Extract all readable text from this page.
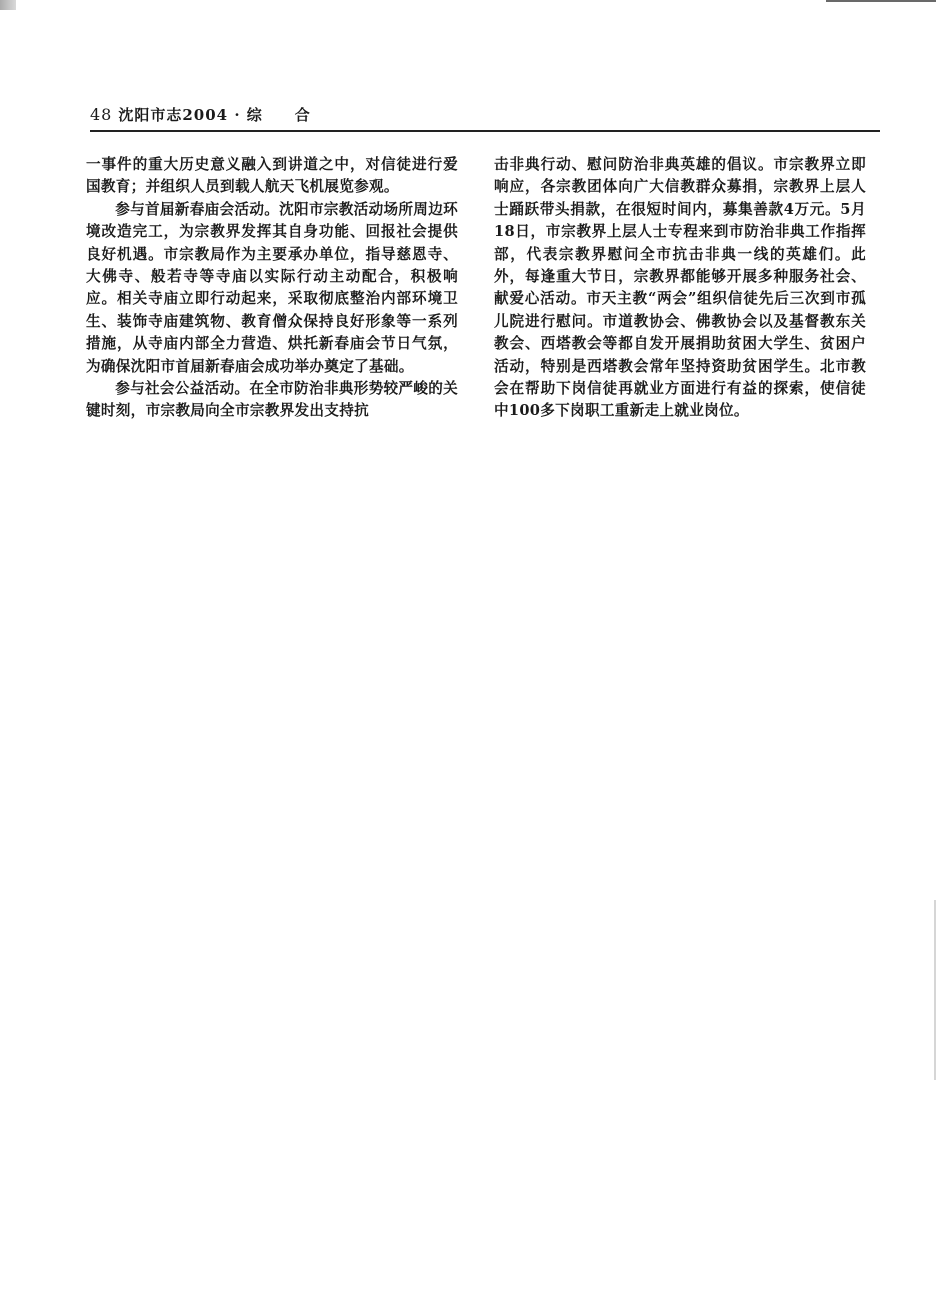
48 沈阳市志2004 · 综　　合

一事件的重大历史意义融入到讲道之中，对信徒进行爱国教育；并组织人员到载人航天飞机展览参观。

参与首届新春庙会活动。沈阳市宗教活动场所周边环境改造完工，为宗教界发挥其自身功能、回报社会提供良好机遇。市宗教局作为主要承办单位，指导慈恩寺、大佛寺、般若寺等寺庙以实际行动主动配合，积极响应。相关寺庙立即行动起来，采取彻底整治内部环境卫生、装饰寺庙建筑物、教育僧众保持良好形象等一系列措施，从寺庙内部全力营造、烘托新春庙会节日气氛，为确保沈阳市首届新春庙会成功举办奠定了基础。

参与社会公益活动。在全市防治非典形势较严峻的关键时刻，市宗教局向全市宗教界发出支持抗

击非典行动、慰问防治非典英雄的倡议。市宗教界立即响应，各宗教团体向广大信教群众募捐，宗教界上层人士踊跃带头捐款，在很短时间内，募集善款4万元。5月18日，市宗教界上层人士专程来到市防治非典工作指挥部，代表宗教界慰问全市抗击非典一线的英雄们。此外，每逢重大节日，宗教界都能够开展多种服务社会、献爱心活动。市天主教“两会”组织信徒先后三次到市孤儿院进行慰问。市道教协会、佛教协会以及基督教东关教会、西塔教会等都自发开展捐助贫困大学生、贫困户活动，特别是西塔教会常年坚持资助贫困学生。北市教会在帮助下岗信徒再就业方面进行有益的探索，使信徒中100多下岗职工重新走上就业岗位。
